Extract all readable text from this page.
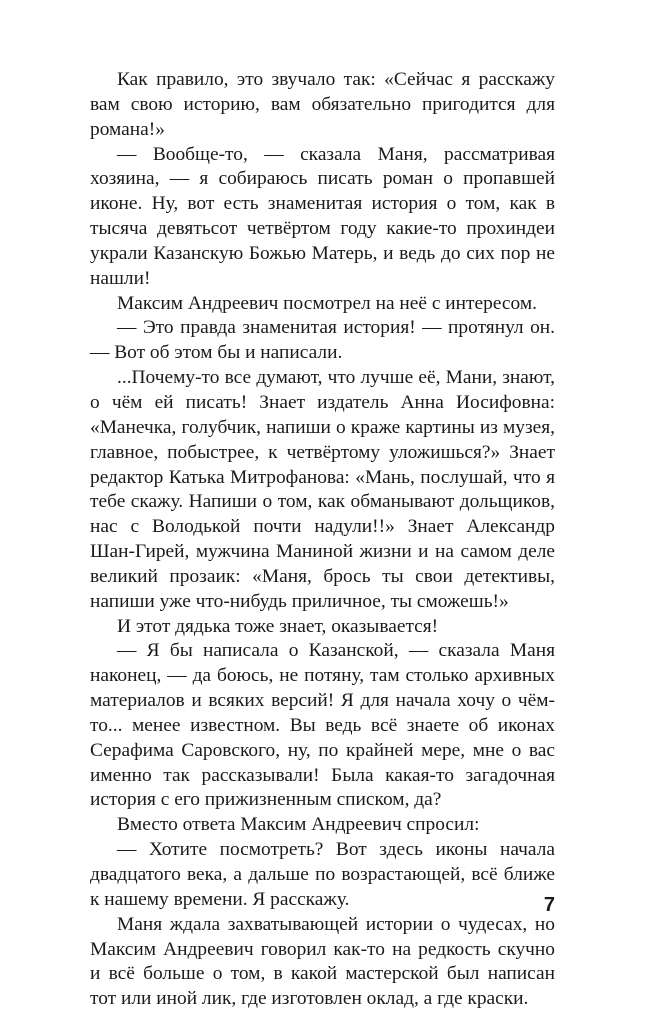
Как правило, это звучало так: «Сейчас я расскажу вам свою историю, вам обязательно пригодится для романа!»

— Вообще-то, — сказала Маня, рассматривая хозяина, — я собираюсь писать роман о пропавшей иконе. Ну, вот есть знаменитая история о том, как в тысяча девятьсот четвёртом году какие-то прохиндеи украли Казанскую Божью Матерь, и ведь до сих пор не нашли!

Максим Андреевич посмотрел на неё с интересом.

— Это правда знаменитая история! — протянул он. — Вот об этом бы и написали.

...Почему-то все думают, что лучше её, Мани, знают, о чём ей писать! Знает издатель Анна Иосифовна: «Манечка, голубчик, напиши о краже картины из музея, главное, побыстрее, к четвёртому уложишься?» Знает редактор Катька Митрофанова: «Мань, послушай, что я тебе скажу. Напиши о том, как обманывают дольщиков, нас с Володькой почти надули!!» Знает Александр Шан-Гирей, мужчина Маниной жизни и на самом деле великий прозаик: «Маня, брось ты свои детективы, напиши уже что-нибудь приличное, ты сможешь!»

И этот дядька тоже знает, оказывается!

— Я бы написала о Казанской, — сказала Маня наконец, — да боюсь, не потяну, там столько архивных материалов и всяких версий! Я для начала хочу о чём-то... менее известном. Вы ведь всё знаете об иконах Серафима Саровского, ну, по крайней мере, мне о вас именно так рассказывали! Была какая-то загадочная история с его прижизненным списком, да?

Вместо ответа Максим Андреевич спросил:

— Хотите посмотреть? Вот здесь иконы начала двадцатого века, а дальше по возрастающей, всё ближе к нашему времени. Я расскажу.

Маня ждала захватывающей истории о чудесах, но Максим Андреевич говорил как-то на редкость скучно и всё больше о том, в какой мастерской был написан тот или иной лик, где изготовлен оклад, а где краски.

7
